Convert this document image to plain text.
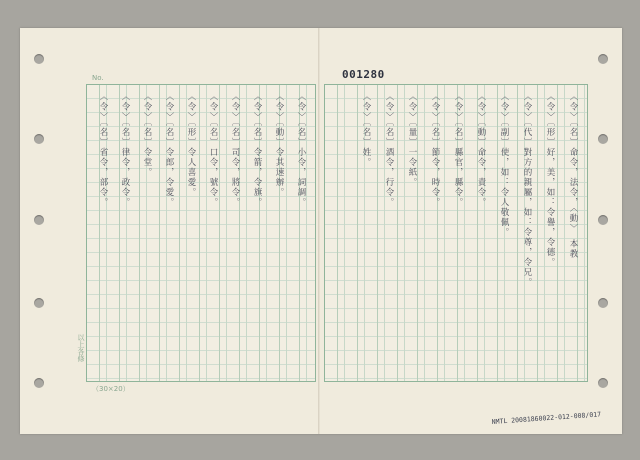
No.
以上各條
（30×20）
001280
〈令〉〔名〕命令，法令，〈動〉　本教
〈令〉〔形〕好，美，如：令譽，令德。
〈令〉〔代〕對方的親屬，如：令尊，令兄。
〈令〉〔副〕使，如：令人敬佩。
〈令〉〔動〕命令，責令。
〈令〉〔名〕縣官，縣令。
〈令〉〔名〕節令，時令。
〈令〉〔量〕一令紙。
〈令〉〔名〕酒令，行令。
〈令〉〔名〕姓。
〈令〉〔名〕小令，詞調。
〈令〉〔動〕令其速辦。
〈令〉〔名〕令箭，令旗。
〈令〉〔名〕司令，將令。
〈令〉〔名〕口令，號令。
〈令〉〔形〕令人喜愛。
〈令〉〔名〕令郎，令愛。
〈令〉〔名〕令堂。
〈令〉〔名〕律令，政令。
〈令〉〔名〕省令，部令。
NMTL 20081860022-012-008/017
